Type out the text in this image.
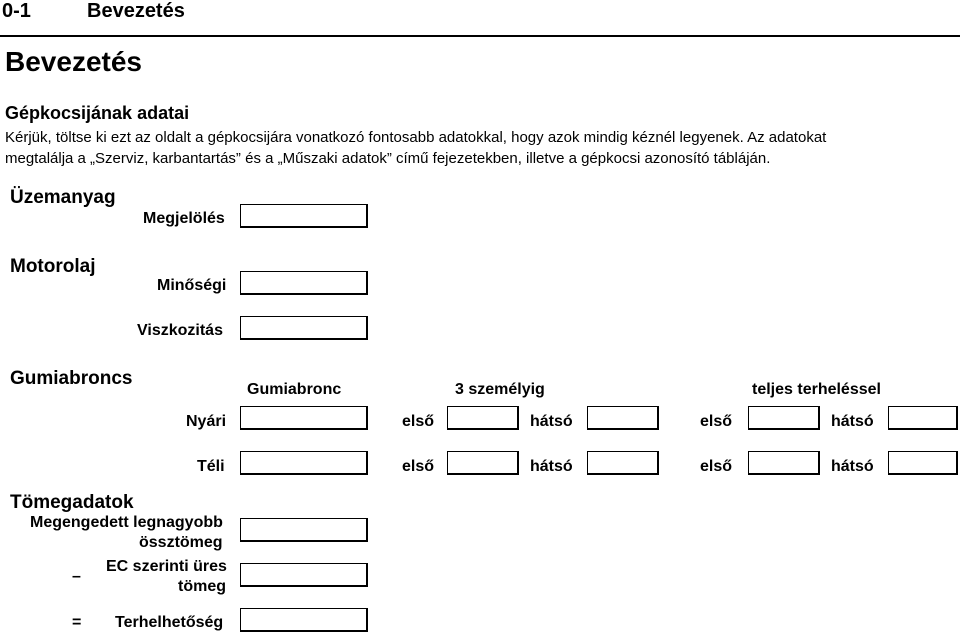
0-1	Bevezetés
Bevezetés
Gépkocsijának adatai
Kérjük, töltse ki ezt az oldalt a gépkocsijára vonatkozó fontosabb adatokkal, hogy azok mindig kéznél legyenek. Az adatokat
megtalálja a „Szerviz, karbantartás” és a „Műszaki adatok” című fejezetekben, illetve a gépkocsi azonosító tábláján.
Üzemanyag
Megjelölés
Motorolaj
Minőségi
Viszkozitás
Gumiabroncs
Gumiabronc	3 személyig	teljes terheléssel
Nyári	első	hátsó	első	hátsó
Téli	első	hátsó	első	hátsó
Tömegadatok
Megengedett legnagyobb
össztömeg
–
EC szerinti üres
tömeg
= Terhelhetőség
